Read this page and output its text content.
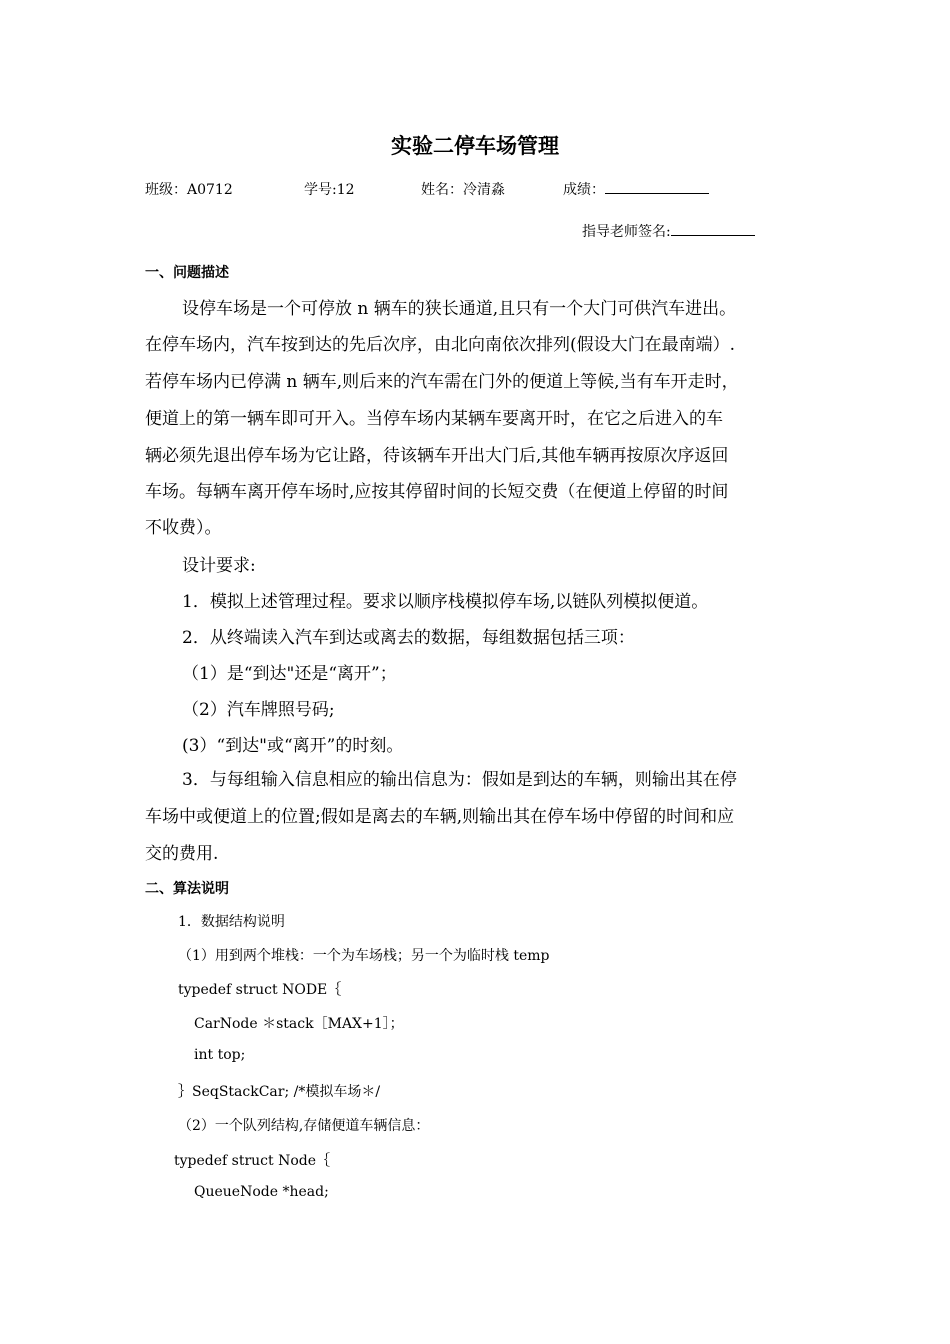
实验二停车场管理
班级：A0712	学号:12	姓名：冷清淼	成绩：
指导老师签名:
一、问题描述
设停车场是一个可停放 n 辆车的狭长通道,且只有一个大门可供汽车进出。
在停车场内，汽车按到达的先后次序，由北向南依次排列(假设大门在最南端）.
若停车场内已停满 n 辆车,则后来的汽车需在门外的便道上等候,当有车开走时，
便道上的第一辆车即可开入。当停车场内某辆车要离开时，在它之后进入的车
辆必须先退出停车场为它让路，待该辆车开出大门后,其他车辆再按原次序返回
车场。每辆车离开停车场时,应按其停留时间的长短交费（在便道上停留的时间
不收费）。
设计要求:
1．模拟上述管理过程。要求以顺序栈模拟停车场,以链队列模拟便道。
2．从终端读入汽车到达或离去的数据，每组数据包括三项：
（1）是“到达"还是“离开”；
（2）汽车牌照号码;
(3）“到达"或“离开”的时刻。
3．与每组输入信息相应的输出信息为：假如是到达的车辆，则输出其在停
车场中或便道上的位置;假如是离去的车辆,则输出其在停车场中停留的时间和应
交的费用.
二、算法说明
1．数据结构说明
（1）用到两个堆栈：一个为车场栈；另一个为临时栈 temp
typedef struct NODE｛
CarNode ＊stack［MAX+1］；
int top;
｝SeqStackCar; /*模拟车场＊/
（2）一个队列结构,存储便道车辆信息：
typedef struct Node｛
QueueNode *head;
